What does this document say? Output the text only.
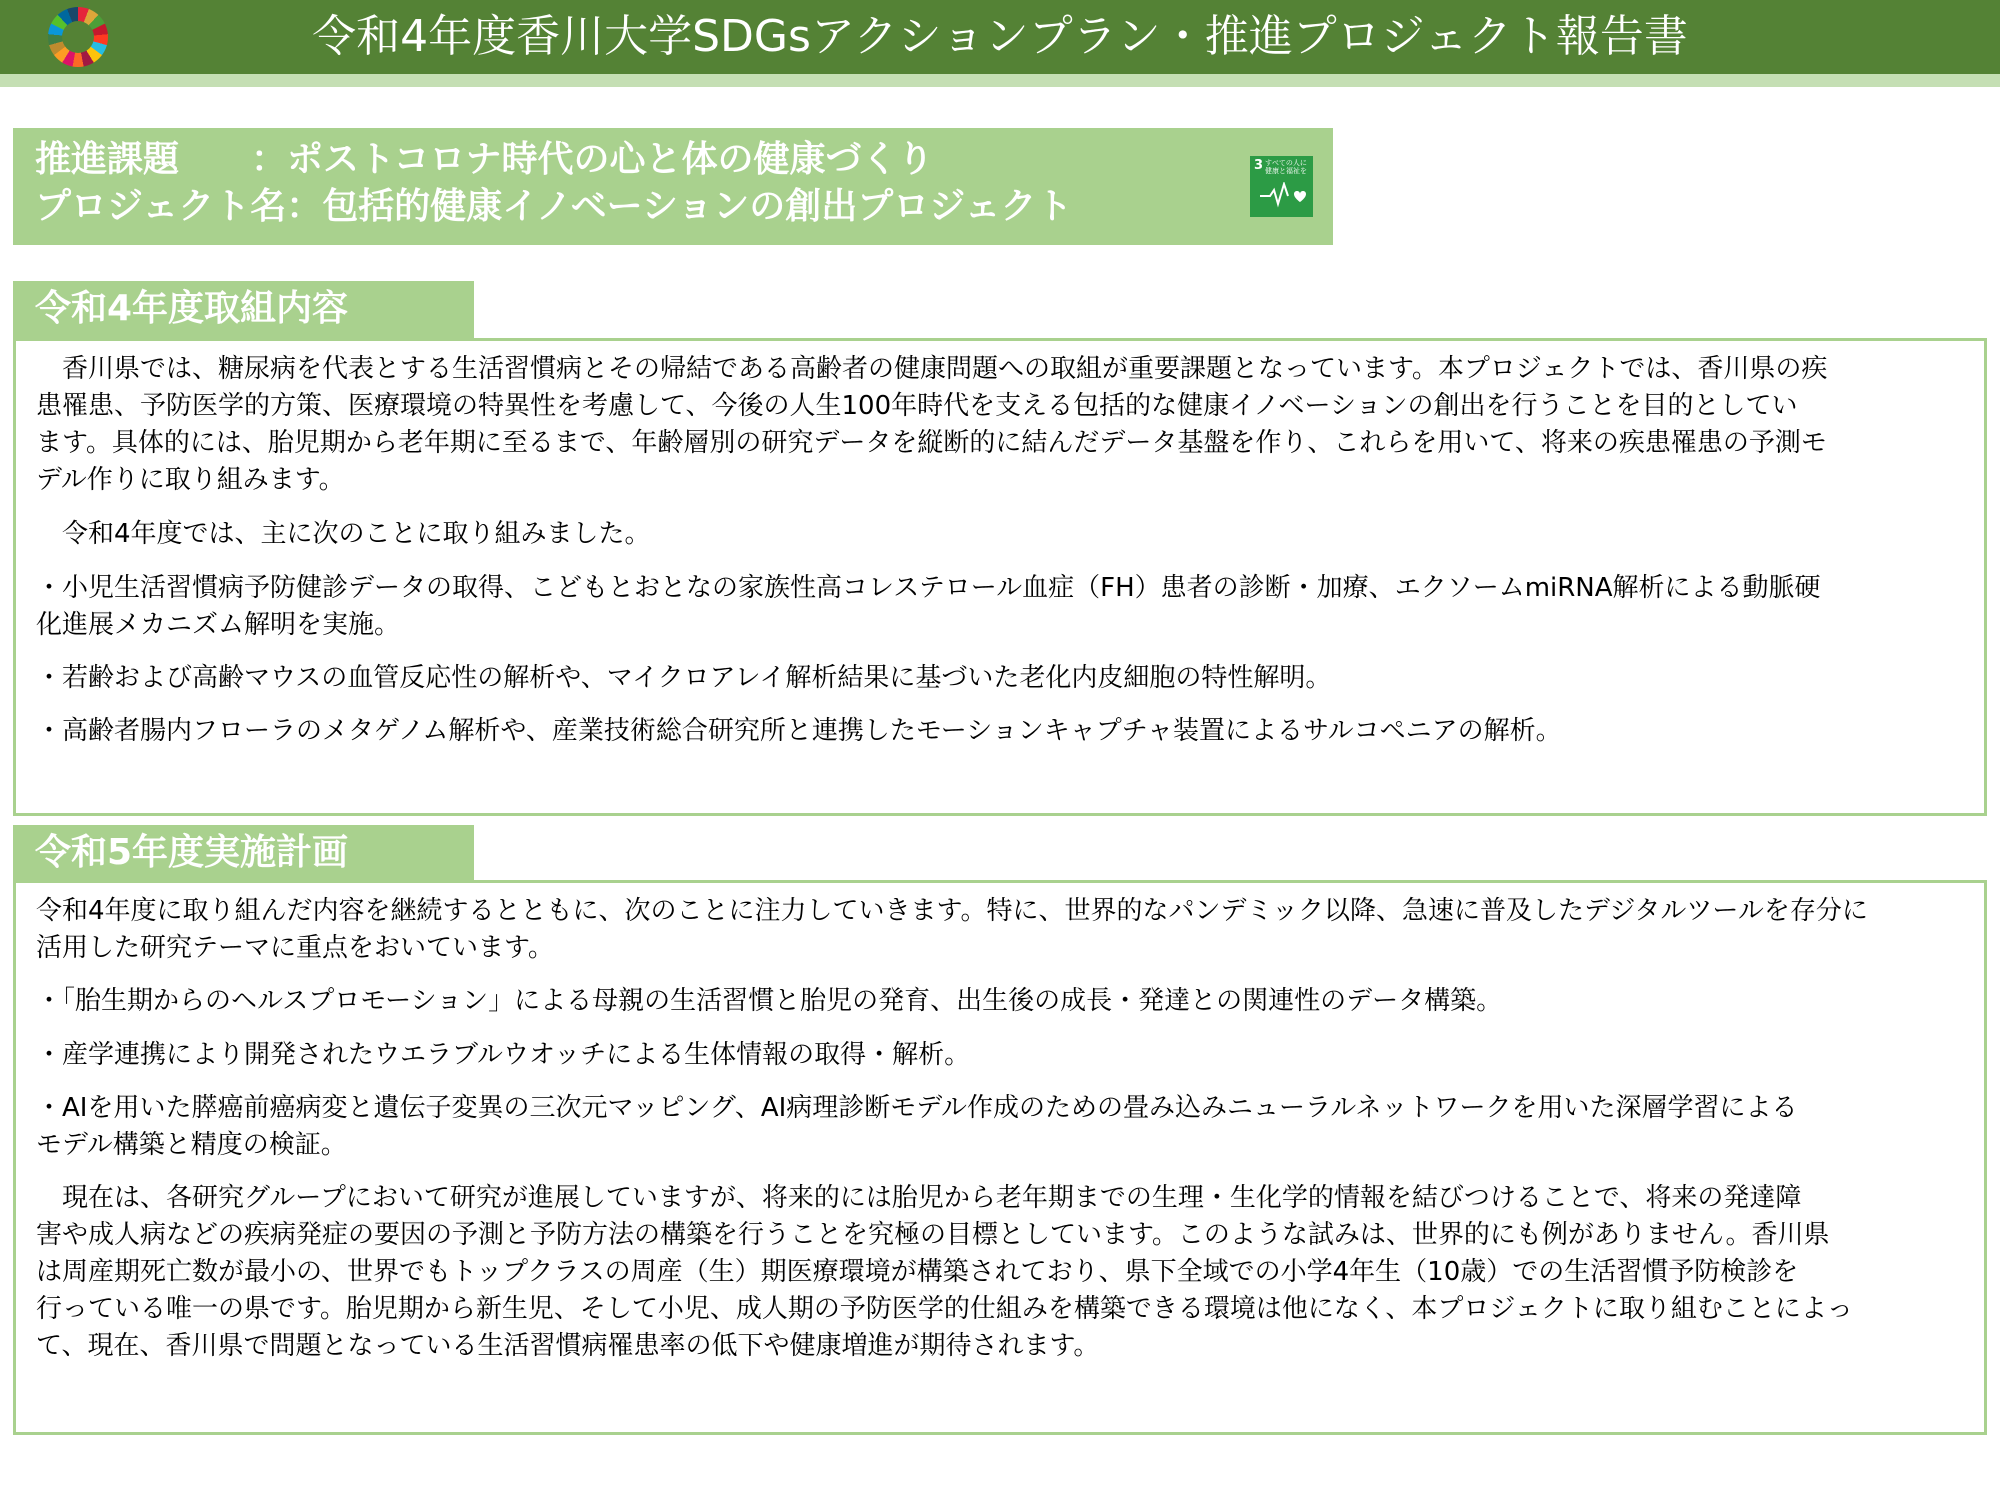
令和4年度香川大学SDGsアクションプラン・推進プロジェクト報告書
推進課題　　：ポストコロナ時代の心と体の健康づくり
プロジェクト名：包括的健康イノベーションの創出プロジェクト
3 すべての人に健康と福祉を
令和4年度取組内容
　香川県では、糖尿病を代表とする生活習慣病とその帰結である高齢者の健康問題への取組が重要課題となっています。本プロジェクトでは、香川県の疾
患罹患、予防医学的方策、医療環境の特異性を考慮して、今後の人生100年時代を支える包括的な健康イノベーションの創出を行うことを目的としてい
ます。具体的には、胎児期から老年期に至るまで、年齢層別の研究データを縦断的に結んだデータ基盤を作り、これらを用いて、将来の疾患罹患の予測モ
デル作りに取り組みます。
　令和4年度では、主に次のことに取り組みました。
・小児生活習慣病予防健診データの取得、こどもとおとなの家族性高コレステロール血症（FH）患者の診断・加療、エクソームmiRNA解析による動脈硬
化進展メカニズム解明を実施。
・若齢および高齢マウスの血管反応性の解析や、マイクロアレイ解析結果に基づいた老化内皮細胞の特性解明。
・高齢者腸内フローラのメタゲノム解析や、産業技術総合研究所と連携したモーションキャプチャ装置によるサルコペニアの解析。
令和5年度実施計画
令和4年度に取り組んだ内容を継続するとともに、次のことに注力していきます。特に、世界的なパンデミック以降、急速に普及したデジタルツールを存分に
活用した研究テーマに重点をおいています。
・「胎生期からのヘルスプロモーション」による母親の生活習慣と胎児の発育、出生後の成長・発達との関連性のデータ構築。
・産学連携により開発されたウエラブルウオッチによる生体情報の取得・解析。
・AIを用いた膵癌前癌病変と遺伝子変異の三次元マッピング、AI病理診断モデル作成のための畳み込みニューラルネットワークを用いた深層学習による
モデル構築と精度の検証。
　現在は、各研究グループにおいて研究が進展していますが、将来的には胎児から老年期までの生理・生化学的情報を結びつけることで、将来の発達障
害や成人病などの疾病発症の要因の予測と予防方法の構築を行うことを究極の目標としています。このような試みは、世界的にも例がありません。香川県
は周産期死亡数が最小の、世界でもトップクラスの周産（生）期医療環境が構築されており、県下全域での小学4年生（10歳）での生活習慣予防検診を
行っている唯一の県です。胎児期から新生児、そして小児、成人期の予防医学的仕組みを構築できる環境は他になく、本プロジェクトに取り組むことによっ
て、現在、香川県で問題となっている生活習慣病罹患率の低下や健康増進が期待されます。
